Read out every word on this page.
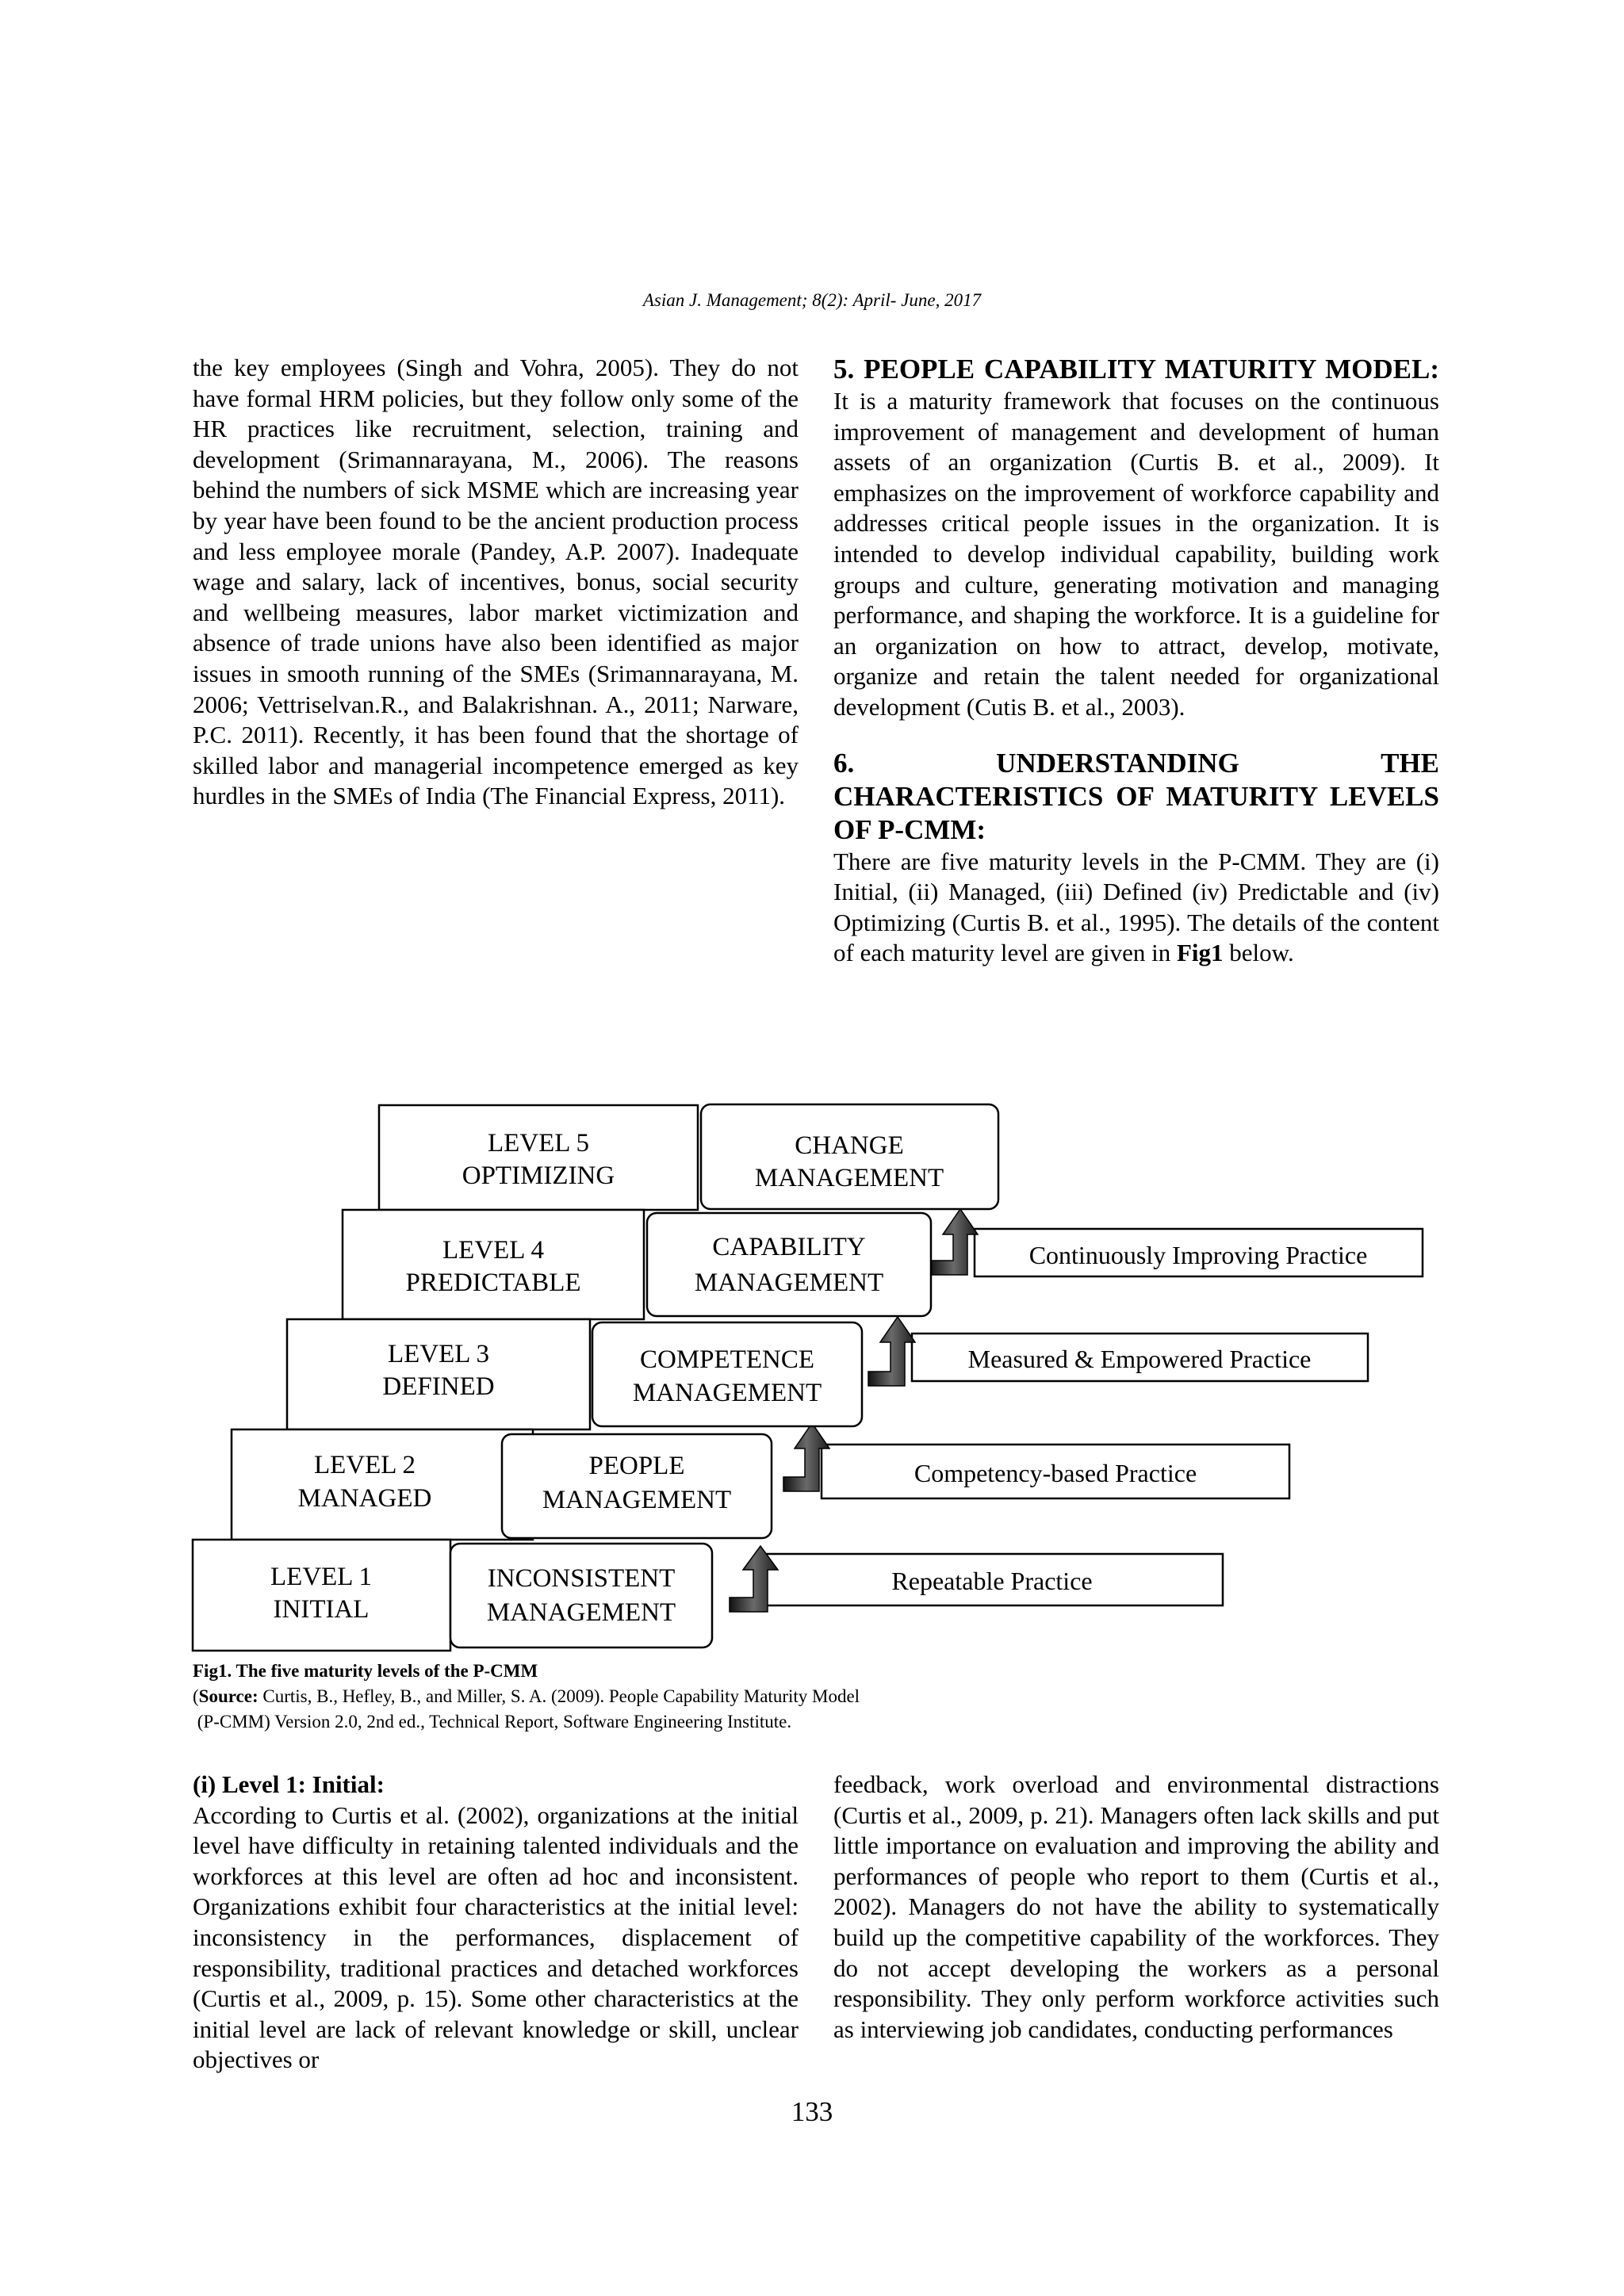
Asian J. Management; 8(2): April- June, 2017

the key employees (Singh and Vohra, 2005). They do not have formal HRM policies, but they follow only some of the HR practices like recruitment, selection, training and development (Srimannarayana, M., 2006). The reasons behind the numbers of sick MSME which are increasing year by year have been found to be the ancient production process and less employee morale (Pandey, A.P. 2007). Inadequate wage and salary, lack of incentives, bonus, social security and wellbeing measures, labor market victimization and absence of trade unions have also been identified as major issues in smooth running of the SMEs (Srimannarayana, M. 2006; Vettriselvan.R., and Balakrishnan. A., 2011; Narware, P.C. 2011). Recently, it has been found that the shortage of skilled labor and managerial incompetence emerged as key hurdles in the SMEs of India (The Financial Express, 2011).

5. PEOPLE CAPABILITY MATURITY MODEL:

It is a maturity framework that focuses on the continuous improvement of management and development of human assets of an organization (Curtis B. et al., 2009). It emphasizes on the improvement of workforce capability and addresses critical people issues in the organization. It is intended to develop individual capability, building work groups and culture, generating motivation and managing performance, and shaping the workforce. It is a guideline for an organization on how to attract, develop, motivate, organize and retain the talent needed for organizational development (Cutis B. et al., 2003).

6. UNDERSTANDING THE CHARACTERISTICS OF MATURITY LEVELS OF P-CMM:

There are five maturity levels in the P-CMM. They are (i) Initial, (ii) Managed, (iii) Defined (iv) Predictable and (iv) Optimizing (Curtis B. et al., 1995). The details of the content of each maturity level are given in Fig1 below.

LEVEL 5
OPTIMIZING
LEVEL 4
PREDICTABLE
LEVEL 3
DEFINED
LEVEL 2
MANAGED
LEVEL 1
INITIAL
Continuously Improving Practice
Measured & Empowered Practice
Competency-based Practice
Repeatable Practice
CHANGE
MANAGEMENT
CAPABILITY
MANAGEMENT
COMPETENCE
MANAGEMENT
PEOPLE
MANAGEMENT
INCONSISTENT
MANAGEMENT
Fig1. The five maturity levels of the P-CMM
(Source: Curtis, B., Hefley, B., and Miller, S. A. (2009). People Capability Maturity Model
(P-CMM) Version 2.0, 2nd ed., Technical Report, Software Engineering Institute.
(i) Level 1: Initial:

According to Curtis et al. (2002), organizations at the initial level have difficulty in retaining talented individuals and the workforces at this level are often ad hoc and inconsistent. Organizations exhibit four characteristics at the initial level: inconsistency in the performances, displacement of responsibility, traditional practices and detached workforces (Curtis et al., 2009, p. 15). Some other characteristics at the initial level are lack of relevant knowledge or skill, unclear objectives or

feedback, work overload and environmental distractions (Curtis et al., 2009, p. 21). Managers often lack skills and put little importance on evaluation and improving the ability and performances of people who report to them (Curtis et al., 2002). Managers do not have the ability to systematically build up the competitive capability of the workforces. They do not accept developing the workers as a personal responsibility. They only perform workforce activities such as interviewing job candidates, conducting performances

133
